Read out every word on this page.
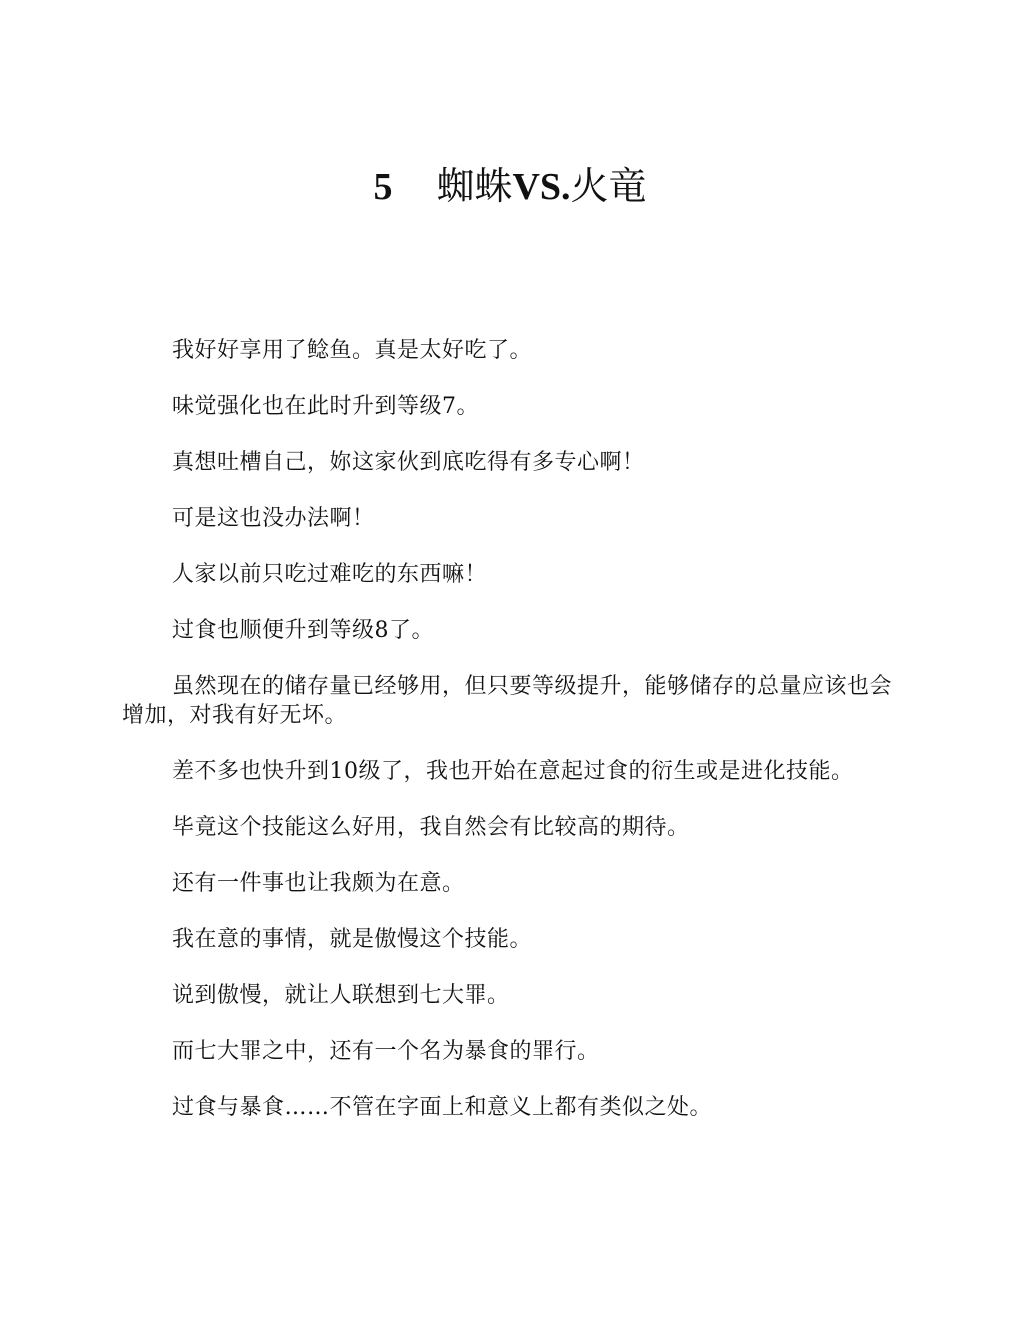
5 蜘蛛VS.火竜

我好好享用了鲶鱼。真是太好吃了。

味觉强化也在此时升到等级7。

真想吐槽自己，妳这家伙到底吃得有多专心啊！

可是这也没办法啊！

人家以前只吃过难吃的东西嘛！

过食也顺便升到等级8了。

虽然现在的储存量已经够用，但只要等级提升，能够储存的总量应该也会增加，对我有好无坏。

差不多也快升到10级了，我也开始在意起过食的衍生或是进化技能。

毕竟这个技能这么好用，我自然会有比较高的期待。

还有一件事也让我颇为在意。

我在意的事情，就是傲慢这个技能。

说到傲慢，就让人联想到七大罪。

而七大罪之中，还有一个名为暴食的罪行。

过食与暴食……不管在字面上和意义上都有类似之处。
